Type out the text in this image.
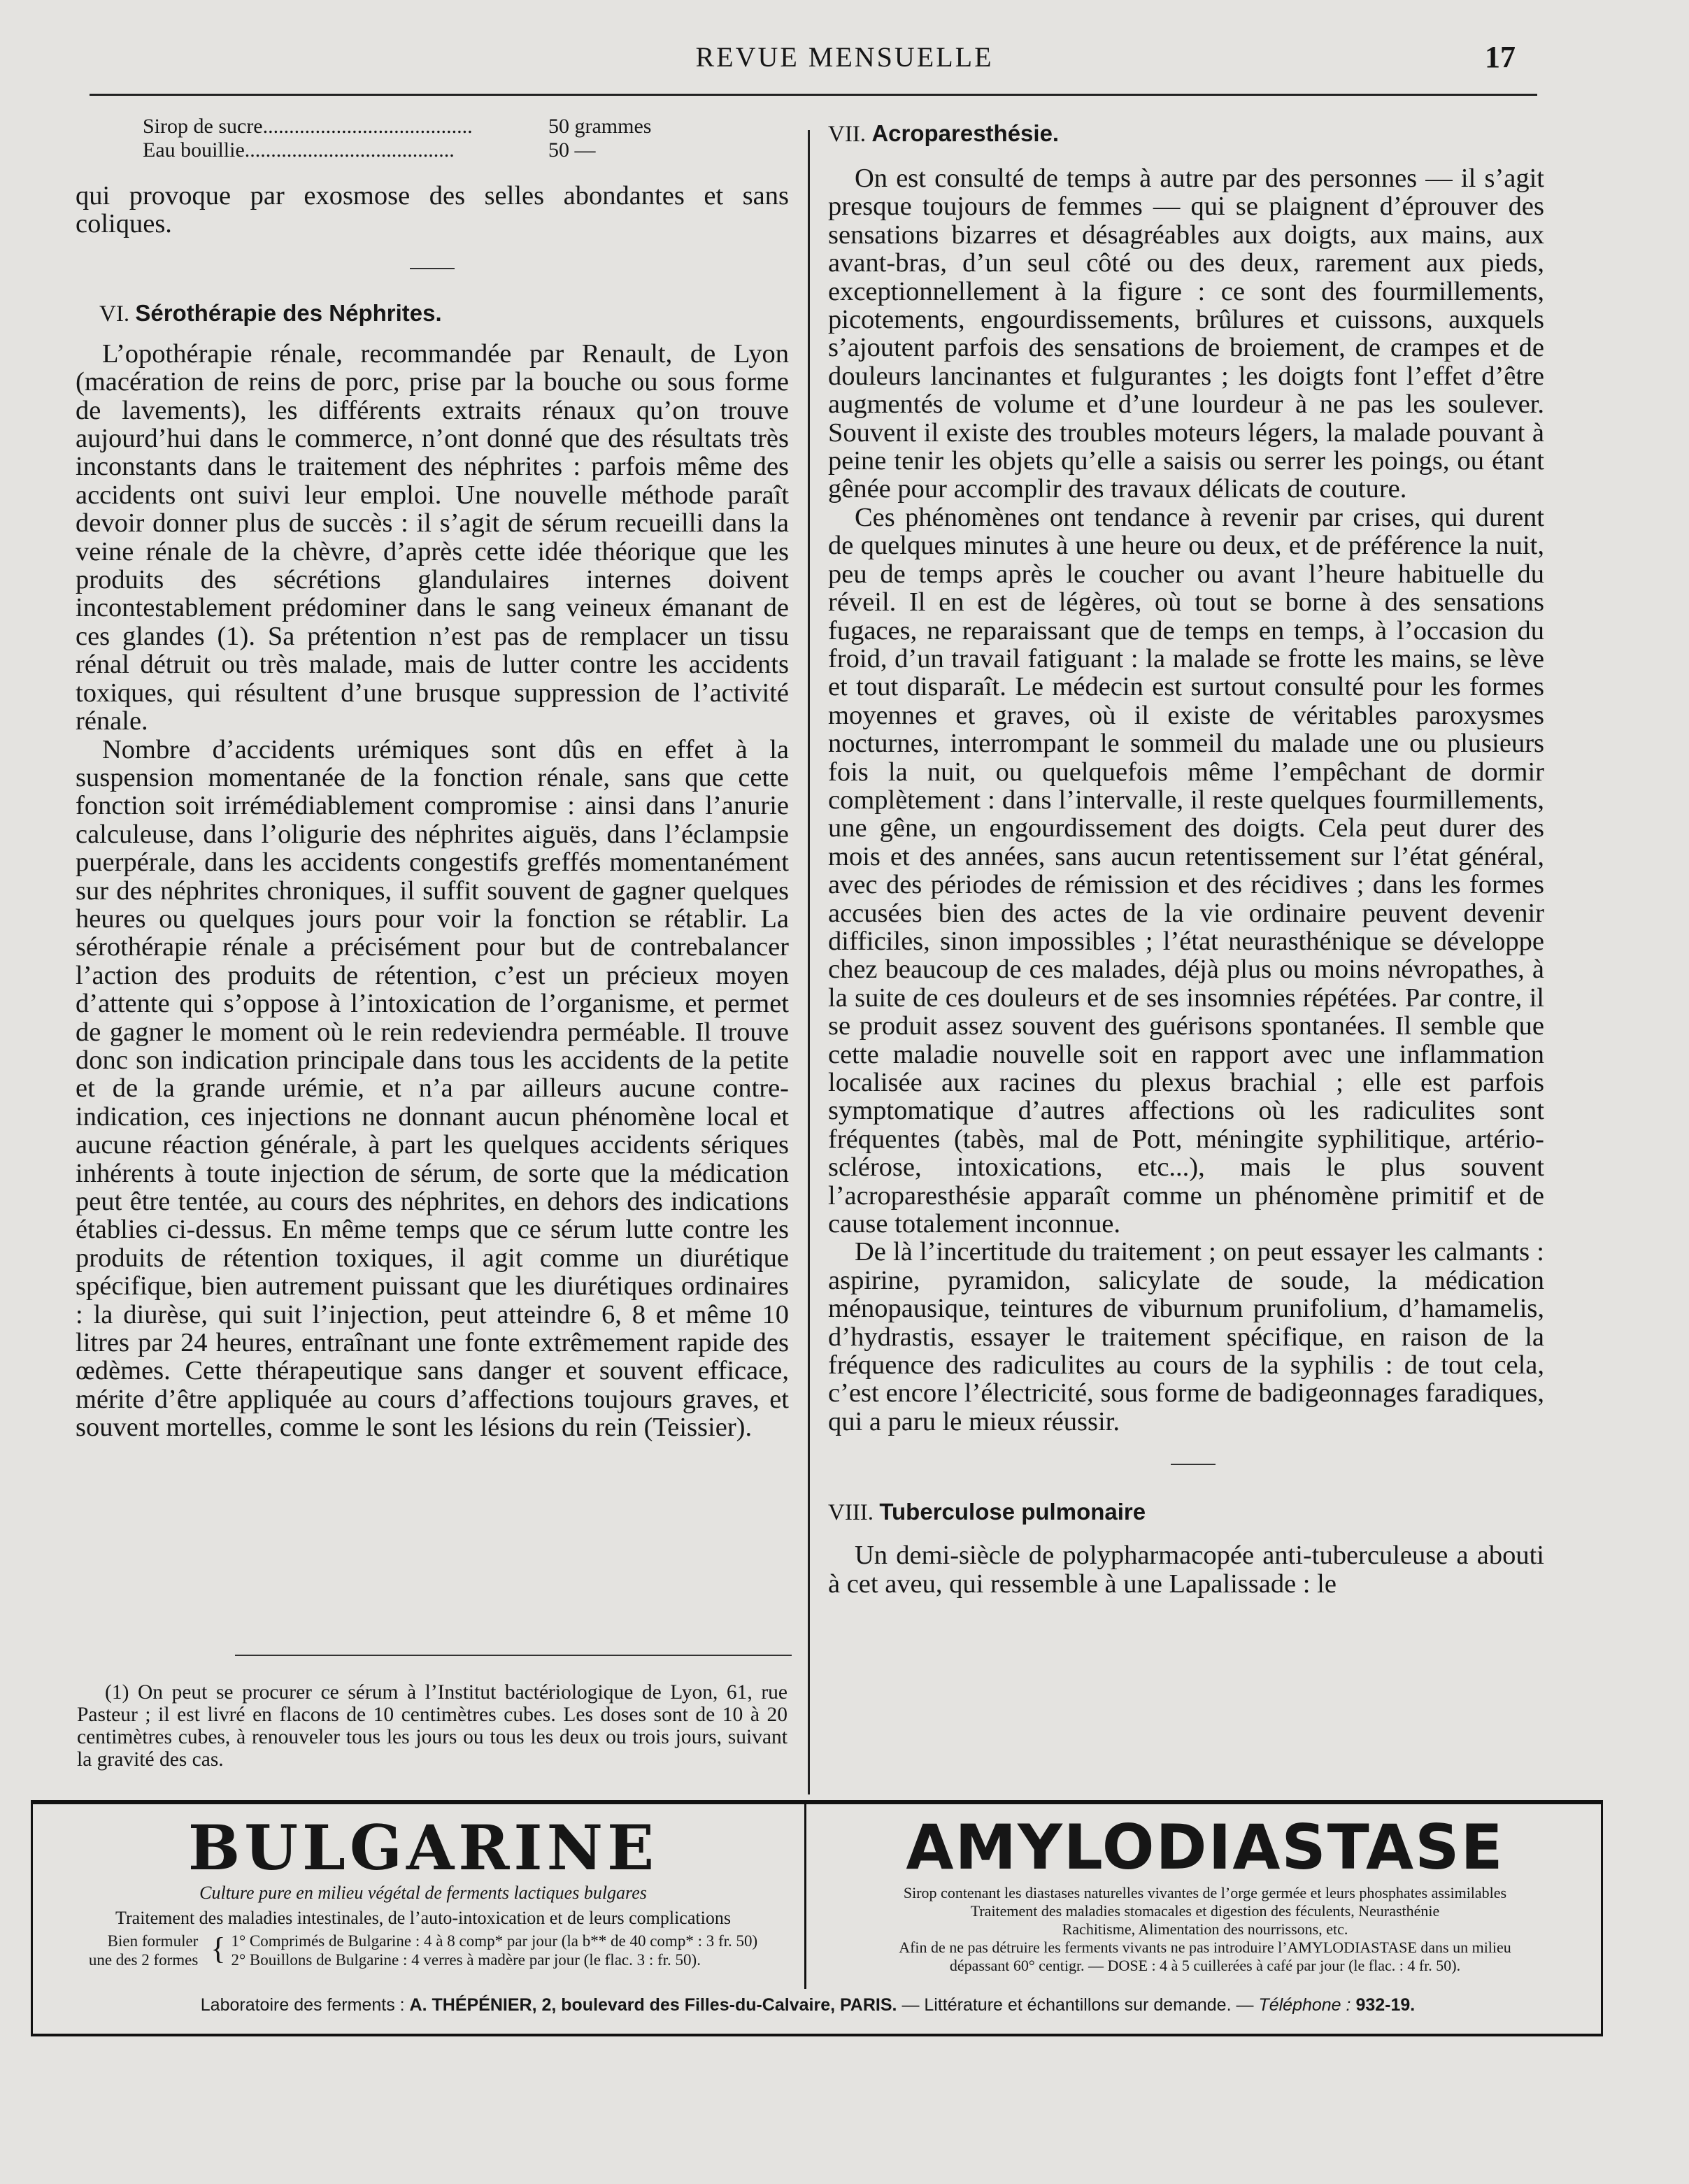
REVUE MENSUELLE	17
Sirop de sucre........................................	50 grammes
Eau bouillie........................................	50 —

qui provoque par exosmose des selles abondantes et sans coliques.

VI. Sérothérapie des Néphrites.

L’opothérapie rénale, recommandée par Renault, de Lyon (macération de reins de porc, prise par la bouche ou sous forme de lavements), les différents extraits rénaux qu’on trouve aujourd’hui dans le commerce, n’ont donné que des résultats très inconstants dans le traitement des néphrites : parfois même des accidents ont suivi leur emploi. Une nouvelle méthode paraît devoir donner plus de succès : il s’agit de sérum recueilli dans la veine rénale de la chèvre, d’après cette idée théorique que les produits des sécrétions glandulaires internes doivent incontestablement prédominer dans le sang veineux émanant de ces glandes (1). Sa prétention n’est pas de remplacer un tissu rénal détruit ou très malade, mais de lutter contre les accidents toxiques, qui résultent d’une brusque suppression de l’activité rénale.

Nombre d’accidents urémiques sont dûs en effet à la suspension momentanée de la fonction rénale, sans que cette fonction soit irrémédiablement compromise : ainsi dans l’anurie calculeuse, dans l’oligurie des néphrites aiguës, dans l’éclampsie puerpérale, dans les accidents congestifs greffés momentanément sur des néphrites chroniques, il suffit souvent de gagner quelques heures ou quelques jours pour voir la fonction se rétablir. La sérothérapie rénale a précisément pour but de contrebalancer l’action des produits de rétention, c’est un précieux moyen d’attente qui s’oppose à l’intoxication de l’organisme, et permet de gagner le moment où le rein redeviendra perméable. Il trouve donc son indication principale dans tous les accidents de la petite et de la grande urémie, et n’a par ailleurs aucune contre-indication, ces injections ne donnant aucun phénomène local et aucune réaction générale, à part les quelques accidents sériques inhérents à toute injection de sérum, de sorte que la médication peut être tentée, au cours des néphrites, en dehors des indications établies ci-dessus. En même temps que ce sérum lutte contre les produits de rétention toxiques, il agit comme un diurétique spécifique, bien autrement puissant que les diurétiques ordinaires : la diurèse, qui suit l’injection, peut atteindre 6, 8 et même 10 litres par 24 heures, entraînant une fonte extrêmement rapide des œdèmes. Cette thérapeutique sans danger et souvent efficace, mérite d’être appliquée au cours d’affections toujours graves, et souvent mortelles, comme le sont les lésions du rein (Teissier).

(1) On peut se procurer ce sérum à l’Institut bactériologique de Lyon, 61, rue Pasteur ; il est livré en flacons de 10 centimètres cubes. Les doses sont de 10 à 20 centimètres cubes, à renouveler tous les jours ou tous les deux ou trois jours, suivant la gravité des cas.

VII. Acroparesthésie.

On est consulté de temps à autre par des personnes — il s’agit presque toujours de femmes — qui se plaignent d’éprouver des sensations bizarres et désagréables aux doigts, aux mains, aux avant-bras, d’un seul côté ou des deux, rarement aux pieds, exceptionnellement à la figure : ce sont des fourmillements, picotements, engourdissements, brûlures et cuissons, auxquels s’ajoutent parfois des sensations de broiement, de crampes et de douleurs lancinantes et fulgurantes ; les doigts font l’effet d’être augmentés de volume et d’une lourdeur à ne pas les soulever. Souvent il existe des troubles moteurs légers, la malade pouvant à peine tenir les objets qu’elle a saisis ou serrer les poings, ou étant gênée pour accomplir des travaux délicats de couture.

Ces phénomènes ont tendance à revenir par crises, qui durent de quelques minutes à une heure ou deux, et de préférence la nuit, peu de temps après le coucher ou avant l’heure habituelle du réveil. Il en est de légères, où tout se borne à des sensations fugaces, ne reparaissant que de temps en temps, à l’occasion du froid, d’un travail fatiguant : la malade se frotte les mains, se lève et tout disparaît. Le médecin est surtout consulté pour les formes moyennes et graves, où il existe de véritables paroxysmes nocturnes, interrompant le sommeil du malade une ou plusieurs fois la nuit, ou quelquefois même l’empêchant de dormir complètement : dans l’intervalle, il reste quelques fourmillements, une gêne, un engourdissement des doigts. Cela peut durer des mois et des années, sans aucun retentissement sur l’état général, avec des périodes de rémission et des récidives ; dans les formes accusées bien des actes de la vie ordinaire peuvent devenir difficiles, sinon impossibles ; l’état neurasthénique se développe chez beaucoup de ces malades, déjà plus ou moins névropathes, à la suite de ces douleurs et de ses insomnies répétées. Par contre, il se produit assez souvent des guérisons spontanées. Il semble que cette maladie nouvelle soit en rapport avec une inflammation localisée aux racines du plexus brachial ; elle est parfois symptomatique d’autres affections où les radiculites sont fréquentes (tabès, mal de Pott, méningite syphilitique, artério-sclérose, intoxications, etc...), mais le plus souvent l’acroparesthésie apparaît comme un phénomène primitif et de cause totalement inconnue.

De là l’incertitude du traitement ; on peut essayer les calmants : aspirine, pyramidon, salicylate de soude, la médication ménopausique, teintures de viburnum prunifolium, d’hamamelis, d’hydrastis, essayer le traitement spécifique, en raison de la fréquence des radiculites au cours de la syphilis : de tout cela, c’est encore l’électricité, sous forme de badigeonnages faradiques, qui a paru le mieux réussir.

VIII. Tuberculose pulmonaire

Un demi-siècle de polypharmacopée anti-tuberculeuse a abouti à cet aveu, qui ressemble à une Lapalissade : le

BULGARINE

Culture pure en milieu végétal de ferments lactiques bulgares

Traitement des maladies intestinales, de l’auto-intoxication et de leurs complications

Bien formuler
une des 2 formes { 1° Comprimés de Bulgarine : 4 à 8 comp* par jour (la b** de 40 comp* : 3 fr. 50)
2° Bouillons de Bulgarine : 4 verres à madère par jour (le flac. 3 : fr. 50).

AMYLODIASTASE

Sirop contenant les diastases naturelles vivantes de l’orge germée et leurs phosphates assimilables

Traitement des maladies stomacales et digestion des féculents, Neurasthénie

Rachitisme, Alimentation des nourrissons, etc.

Afin de ne pas détruire les ferments vivants ne pas introduire l’AMYLODIASTASE dans un milieu

dépassant 60° centigr. — DOSE : 4 à 5 cuillerées à café par jour (le flac. : 4 fr. 50).

Laboratoire des ferments : A. THÉPÉNIER, 2, boulevard des Filles-du-Calvaire, PARIS. — Littérature et échantillons sur demande. — Téléphone : 932-19.
